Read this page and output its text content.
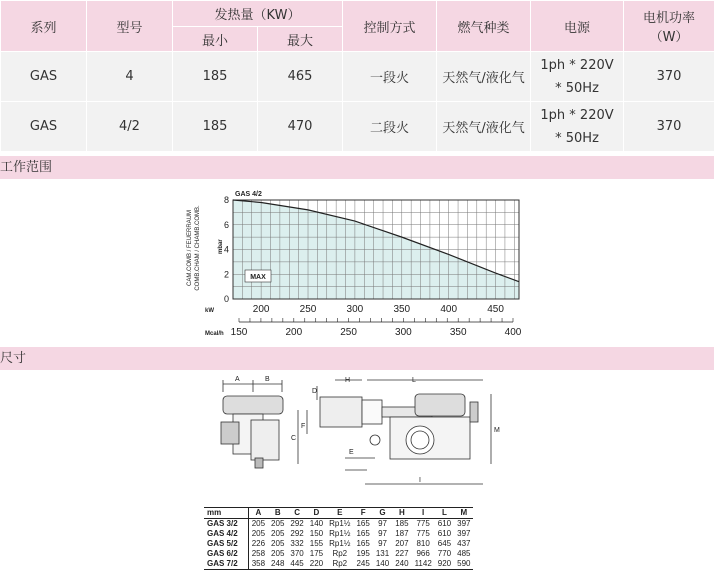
系列	型号	发热量（KW）		控制方式	燃气种类	电源	电机功率
（W）
		最小	最大				
GAS	4	185	465	一段火	天然气/液化气	1ph * 220V
* 50Hz	370
GAS	4/2	185	470	二段火	天然气/液化气	1ph * 220V
* 50Hz	370
工作范围
0
2
4
6
8
200	250	300	350	400	450
150	200	250	300	350	400
GAS 4/2
kW
Mcal/h
mbar
CAM.COMB / FEUERRAUM COMB.CHAM / CHAMB.COMB.	MAX
尺寸
A	B
C
D
E
F
H	L
I
M
mm	A	B	C	D	E	F	G	H	I	L	M
GAS 3/2	205	205	292	140	Rp1½	165	97	185	775	610	397
GAS 4/2	205	205	292	150	Rp1½	165	97	187	775	610	397
GAS 5/2	226	205	332	155	Rp1½	165	97	207	810	645	437
GAS 6/2	258	205	370	175	Rp2	195	131	227	966	770	485
GAS 7/2	358	248	445	220	Rp2	245	140	240	1142	920	590
